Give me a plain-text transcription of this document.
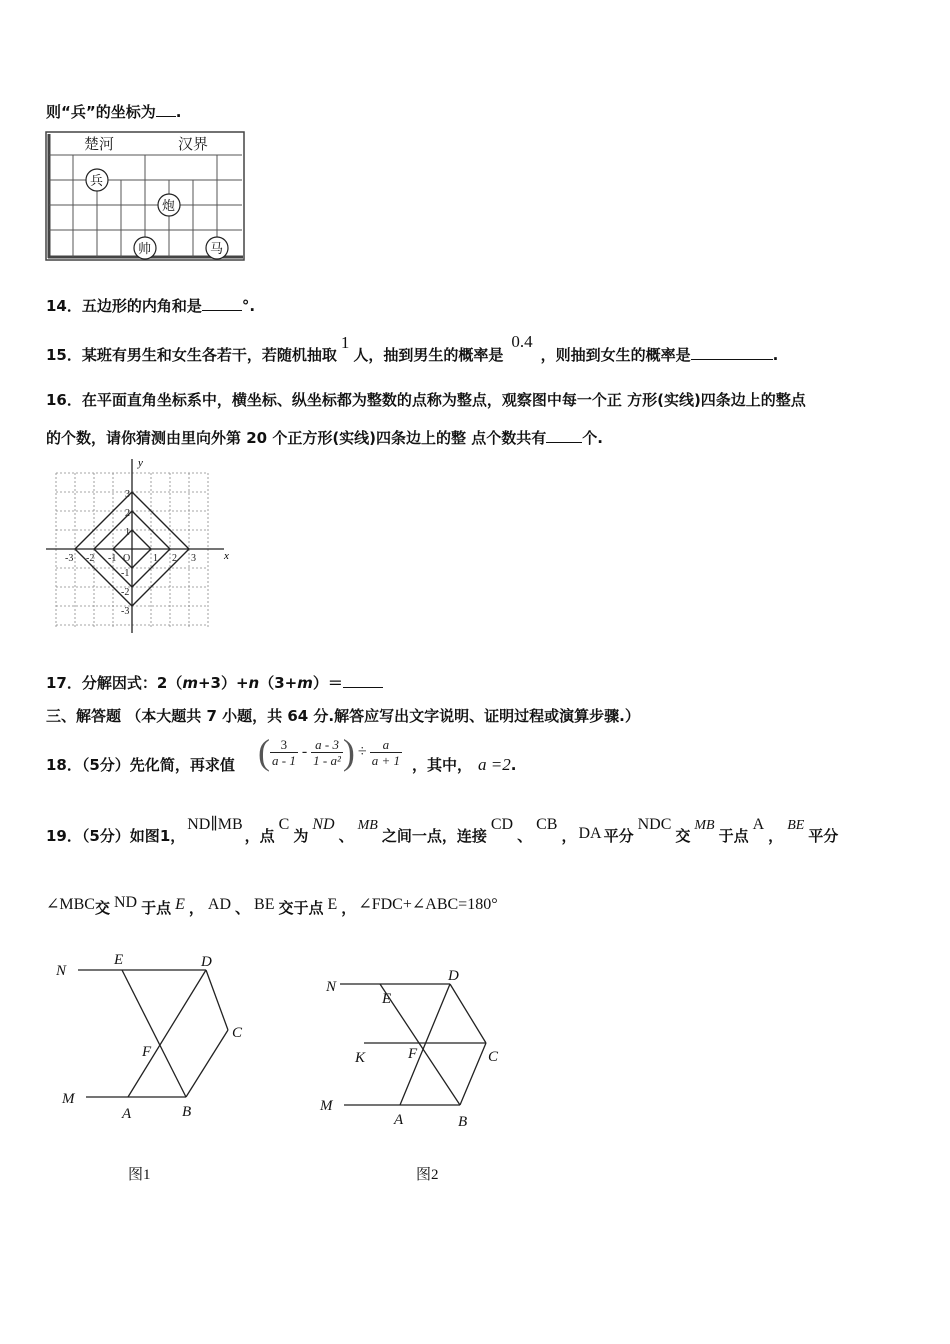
则“兵”的坐标为 .
楚河	汉界
兵
炮
帅	马
14．五边形的内角和是	°.
15．某班有男生和女生各若干，若随机抽取1人，抽到男生的概率是0.4，则抽到女生的概率是	.
16．在平面直角坐标系中，横坐标、纵坐标都为整数的点称为整点，观察图中每一个正 方形(实线)四条边上的整点
的个数，请你猜测由里向外第 20 个正方形(实线)四条边上的整 点个数共有 个.
x
y
-3 -2 -1 O 1 2 3
3
2
1
-1
-2
-3
17．分解因式：2（m+3）+n（3+m）＝
三、解答题 （本大题共 7 小题，共 64 分.解答应写出文字说明、证明过程或演算步骤.）
18．（5分）先化简，再求值 ( $\frac{3}{a - 1} - \frac{a - 3}{\text{1 - a²}}$ ) ÷ $\frac{a}{a + 1}$ ，其中， a =2.
19．（5分）如图1，ND∥MB，点C为ND、MB之间一点，连接CD、CB， DA 平分NDC交MB于点A，BE平分
∠MBC交 ND 于点 E ， AD 、 BE 交于点 E ， ∠FDC+∠ABC=180°
N
E	D
C
F
M
A	B
N
E
D
K	F	C
M
A	B
图1	图2
